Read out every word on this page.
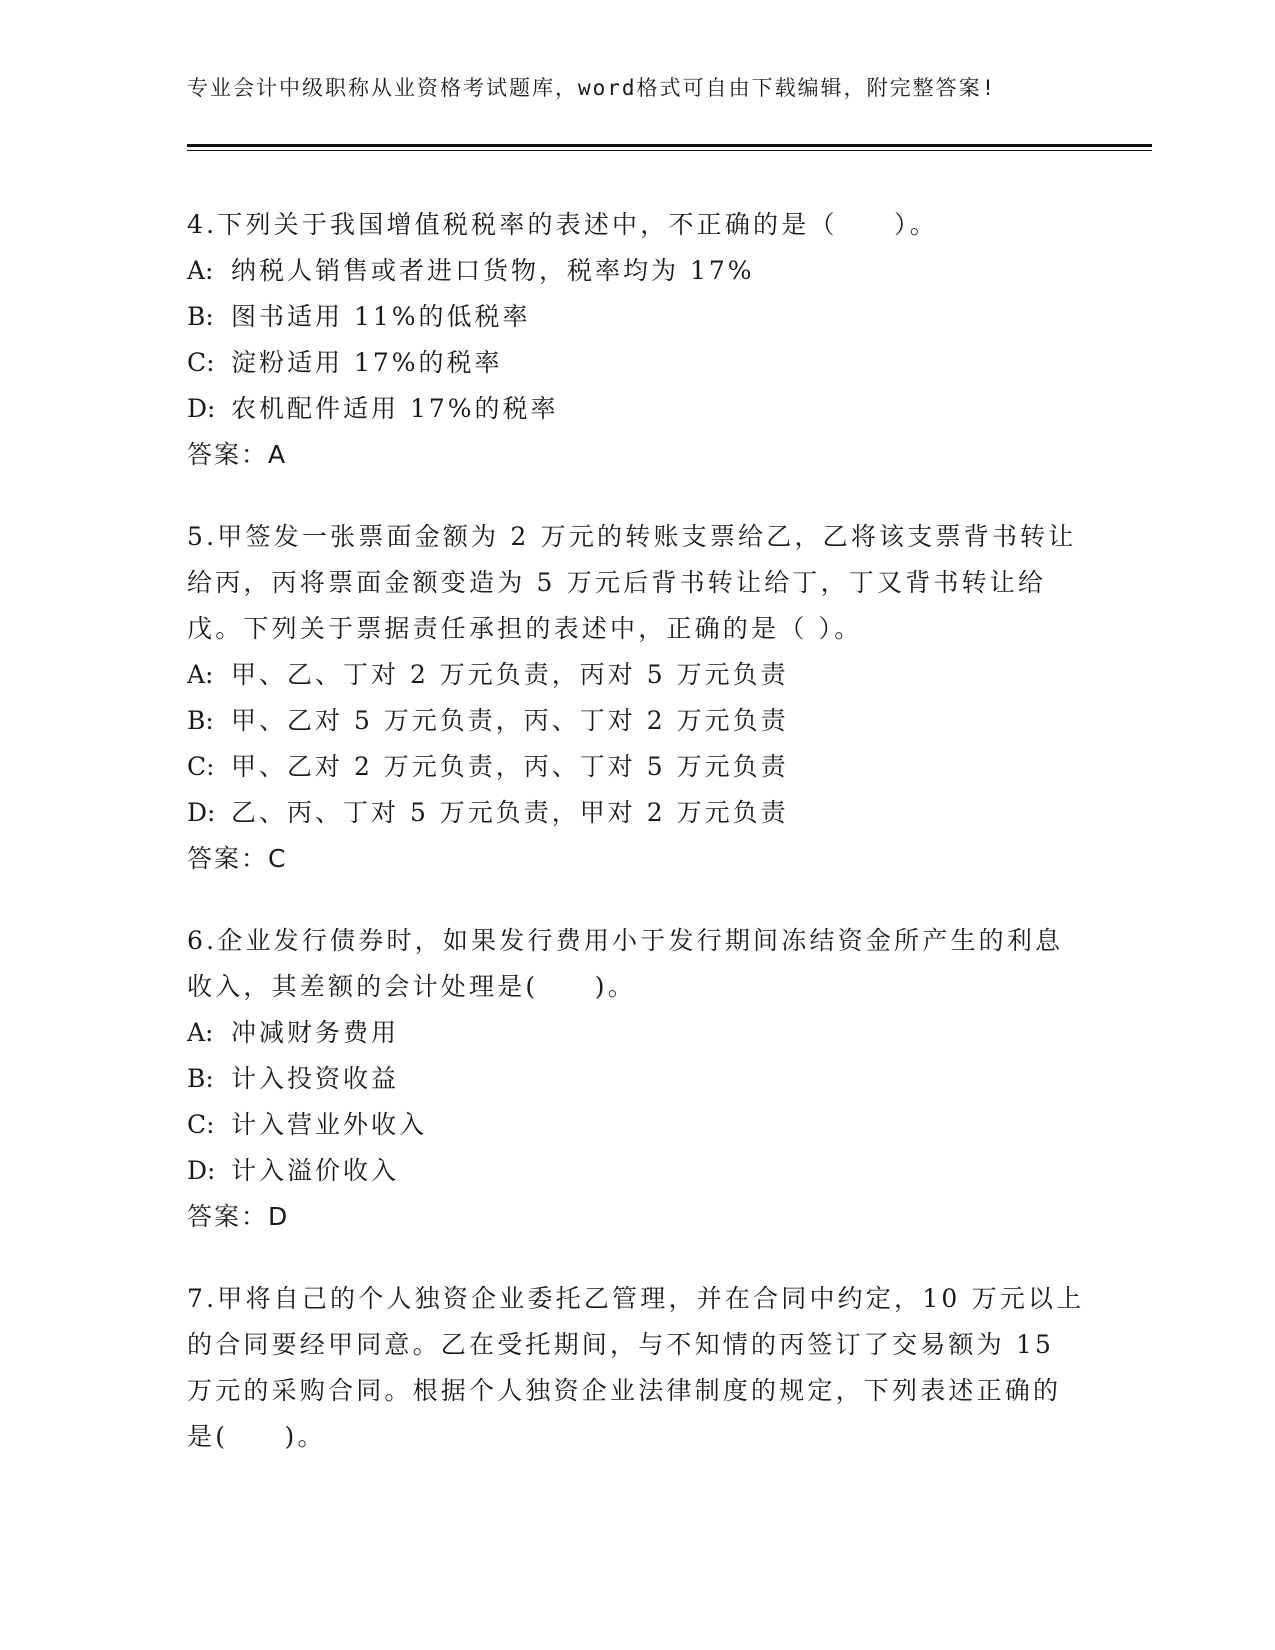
专业会计中级职称从业资格考试题库，word格式可自由下载编辑，附完整答案!

4.下列关于我国增值税税率的表述中，不正确的是（　　）。

A: 纳税人销售或者进口货物，税率均为 17%

B: 图书适用 11%的低税率

C: 淀粉适用 17%的税率

D: 农机配件适用 17%的税率

答案：A

5.甲签发一张票面金额为 2 万元的转账支票给乙，乙将该支票背书转让给丙，丙将票面金额变造为 5 万元后背书转让给丁，丁又背书转让给戊。下列关于票据责任承担的表述中，正确的是（ ）。

A: 甲、乙、丁对 2 万元负责，丙对 5 万元负责

B: 甲、乙对 5 万元负责，丙、丁对 2 万元负责

C: 甲、乙对 2 万元负责，丙、丁对 5 万元负责

D: 乙、丙、丁对 5 万元负责，甲对 2 万元负责

答案：C

6.企业发行债券时，如果发行费用小于发行期间冻结资金所产生的利息收入，其差额的会计处理是(　　)。

A: 冲减财务费用

B: 计入投资收益

C: 计入营业外收入

D: 计入溢价收入

答案：D

7.甲将自己的个人独资企业委托乙管理，并在合同中约定，10 万元以上的合同要经甲同意。乙在受托期间，与不知情的丙签订了交易额为 15 万元的采购合同。根据个人独资企业法律制度的规定，下列表述正确的是(　　)。
